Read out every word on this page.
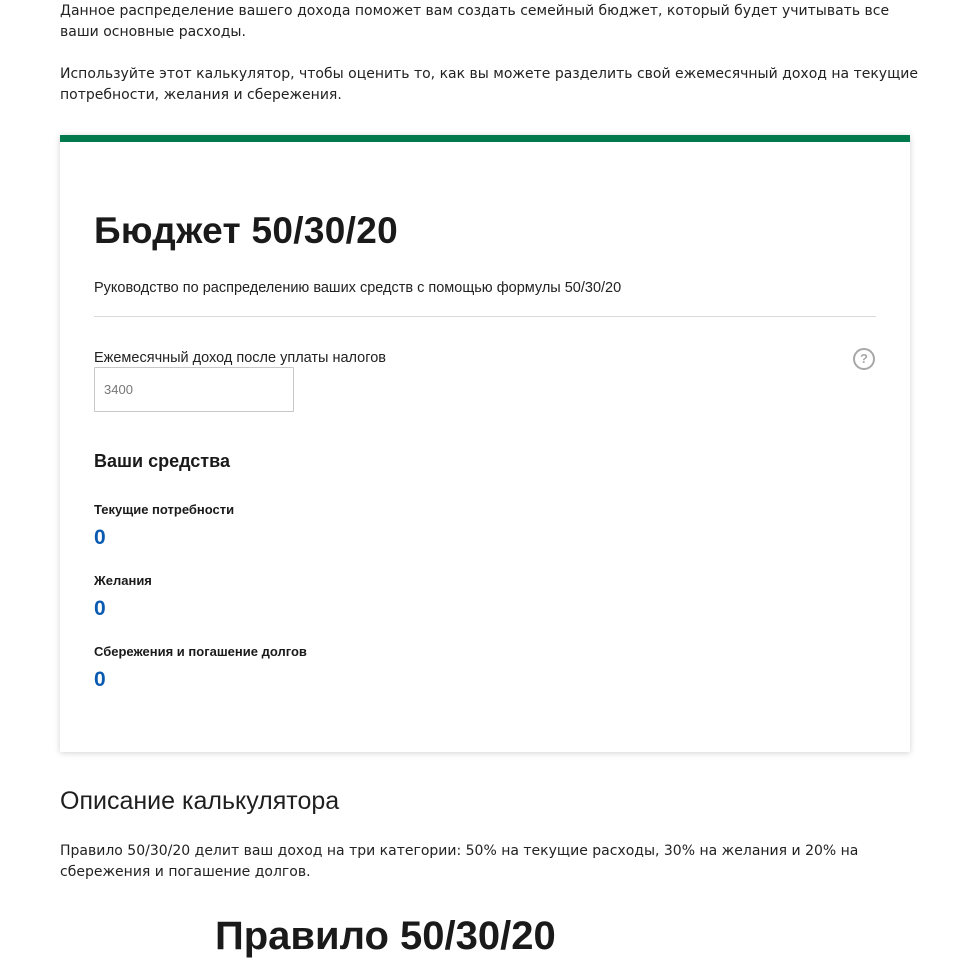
Данное распределение вашего дохода поможет вам создать семейный бюджет, который будет учитывать все ваши основные расходы.

Используйте этот калькулятор, чтобы оценить то, как вы можете разделить свой ежемесячный доход на текущие потребности, желания и сбережения.

Бюджет 50/30/20

Руководство по распределению ваших средств с помощью формулы 50/30/20

Ежемесячный доход после уплаты налогов	?
3400
Ваши средства
Текущие потребности
0
Желания
0
Сбережения и погашение долгов
0
Описание калькулятора

Правило 50/30/20 делит ваш доход на три категории: 50% на текущие расходы, 30% на желания и 20% на сбережения и погашение долгов.

Правило 50/30/20
